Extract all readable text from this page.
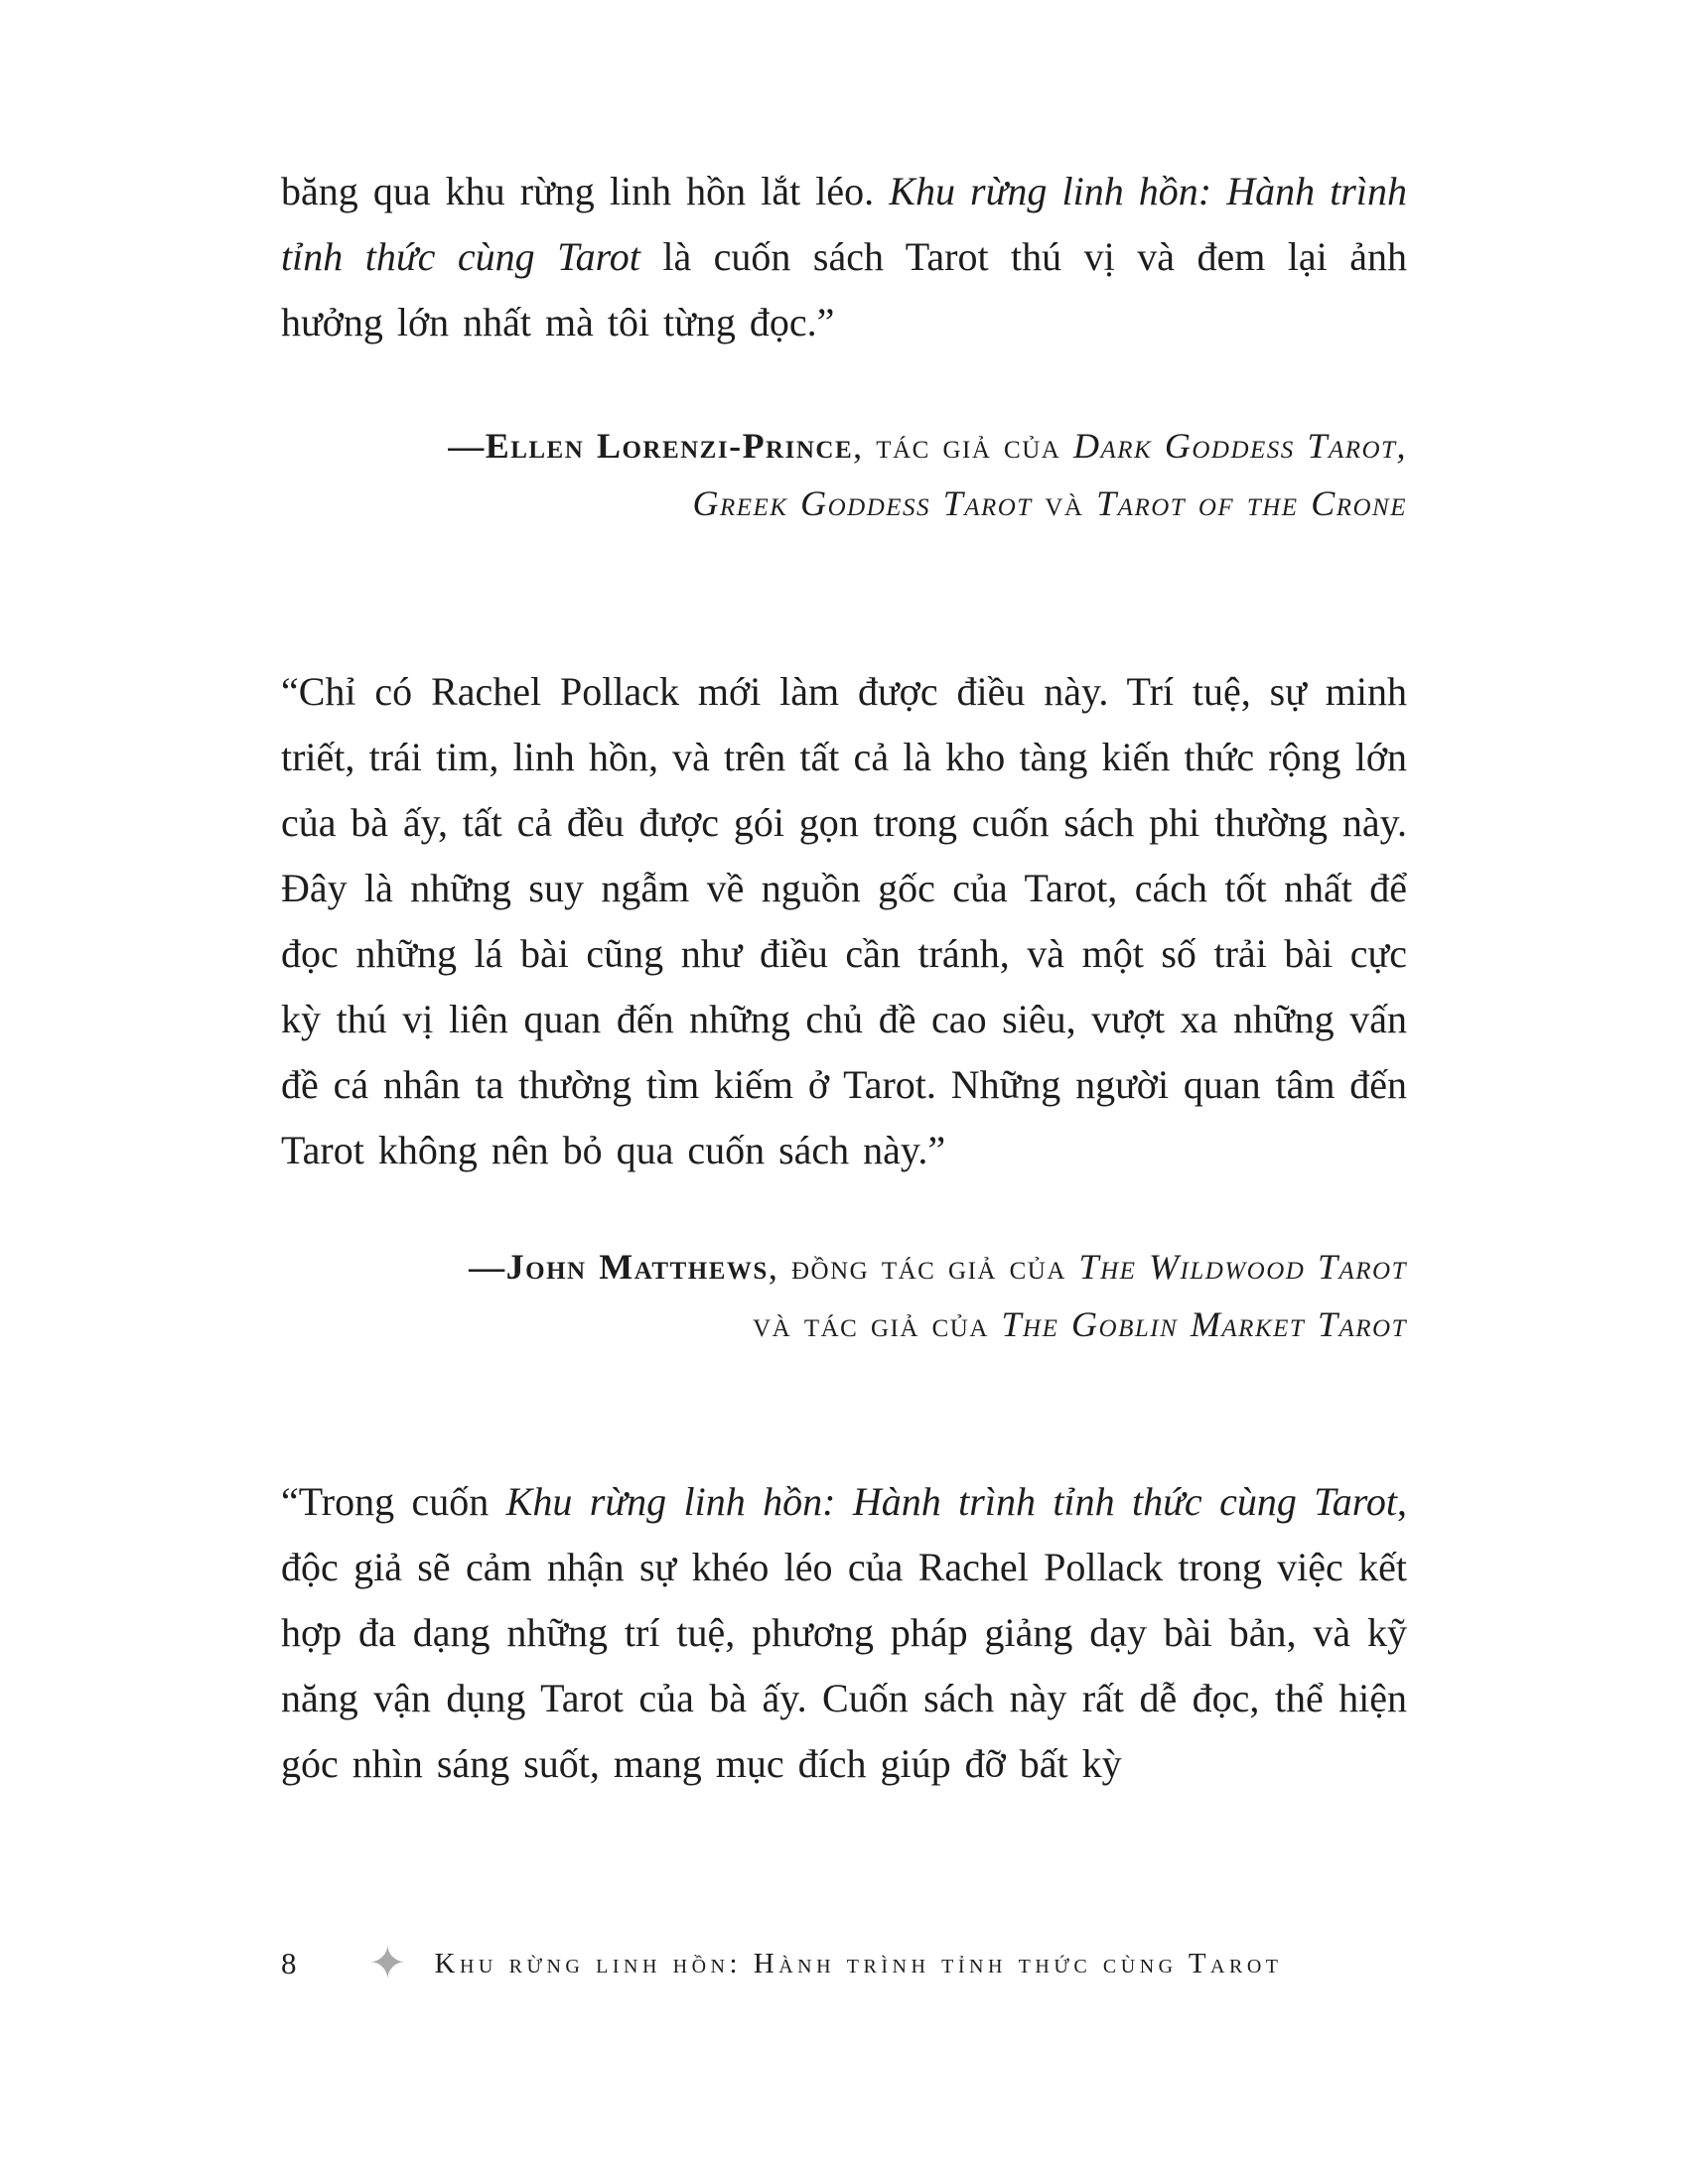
băng qua khu rừng linh hồn lắt léo. Khu rừng linh hồn: Hành trình tỉnh thức cùng Tarot là cuốn sách Tarot thú vị và đem lại ảnh hưởng lớn nhất mà tôi từng đọc.”

—Ellen Lorenzi-Prince, tác giả của Dark Goddess Tarot,
Greek Goddess Tarot và Tarot of the Crone

“Chỉ có Rachel Pollack mới làm được điều này. Trí tuệ, sự minh triết, trái tim, linh hồn, và trên tất cả là kho tàng kiến thức rộng lớn của bà ấy, tất cả đều được gói gọn trong cuốn sách phi thường này. Đây là những suy ngẫm về nguồn gốc của Tarot, cách tốt nhất để đọc những lá bài cũng như điều cần tránh, và một số trải bài cực kỳ thú vị liên quan đến những chủ đề cao siêu, vượt xa những vấn đề cá nhân ta thường tìm kiếm ở Tarot. Những người quan tâm đến Tarot không nên bỏ qua cuốn sách này.”

—John Matthews, đồng tác giả của The Wildwood Tarot
và tác giả của The Goblin Market Tarot

“Trong cuốn Khu rừng linh hồn: Hành trình tỉnh thức cùng Tarot, độc giả sẽ cảm nhận sự khéo léo của Rachel Pollack trong việc kết hợp đa dạng những trí tuệ, phương pháp giảng dạy bài bản, và kỹ năng vận dụng Tarot của bà ấy. Cuốn sách này rất dễ đọc, thể hiện góc nhìn sáng suốt, mang mục đích giúp đỡ bất kỳ

8	✦ Khu rừng linh hồn: Hành trình tỉnh thức cùng Tarot
